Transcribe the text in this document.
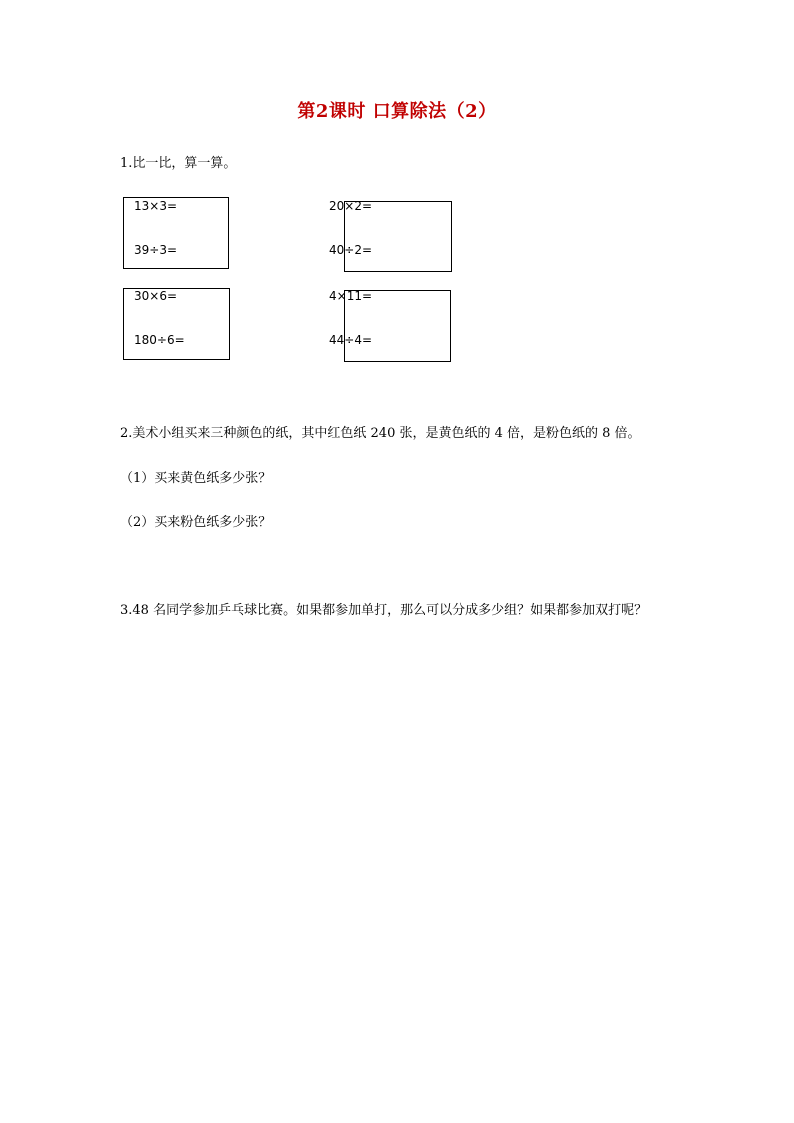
第2课时 口算除法（2）
1.比一比，算一算。
13×3=
39÷3=
20×2=
40÷2=
30×6=
180÷6=
4×11=
44÷4=
2.美术小组买来三种颜色的纸，其中红色纸 240 张，是黄色纸的 4 倍，是粉色纸的 8 倍。
（1）买来黄色纸多少张？
（2）买来粉色纸多少张？
3.48 名同学参加乒乓球比赛。如果都参加单打，那么可以分成多少组？如果都参加双打呢？
